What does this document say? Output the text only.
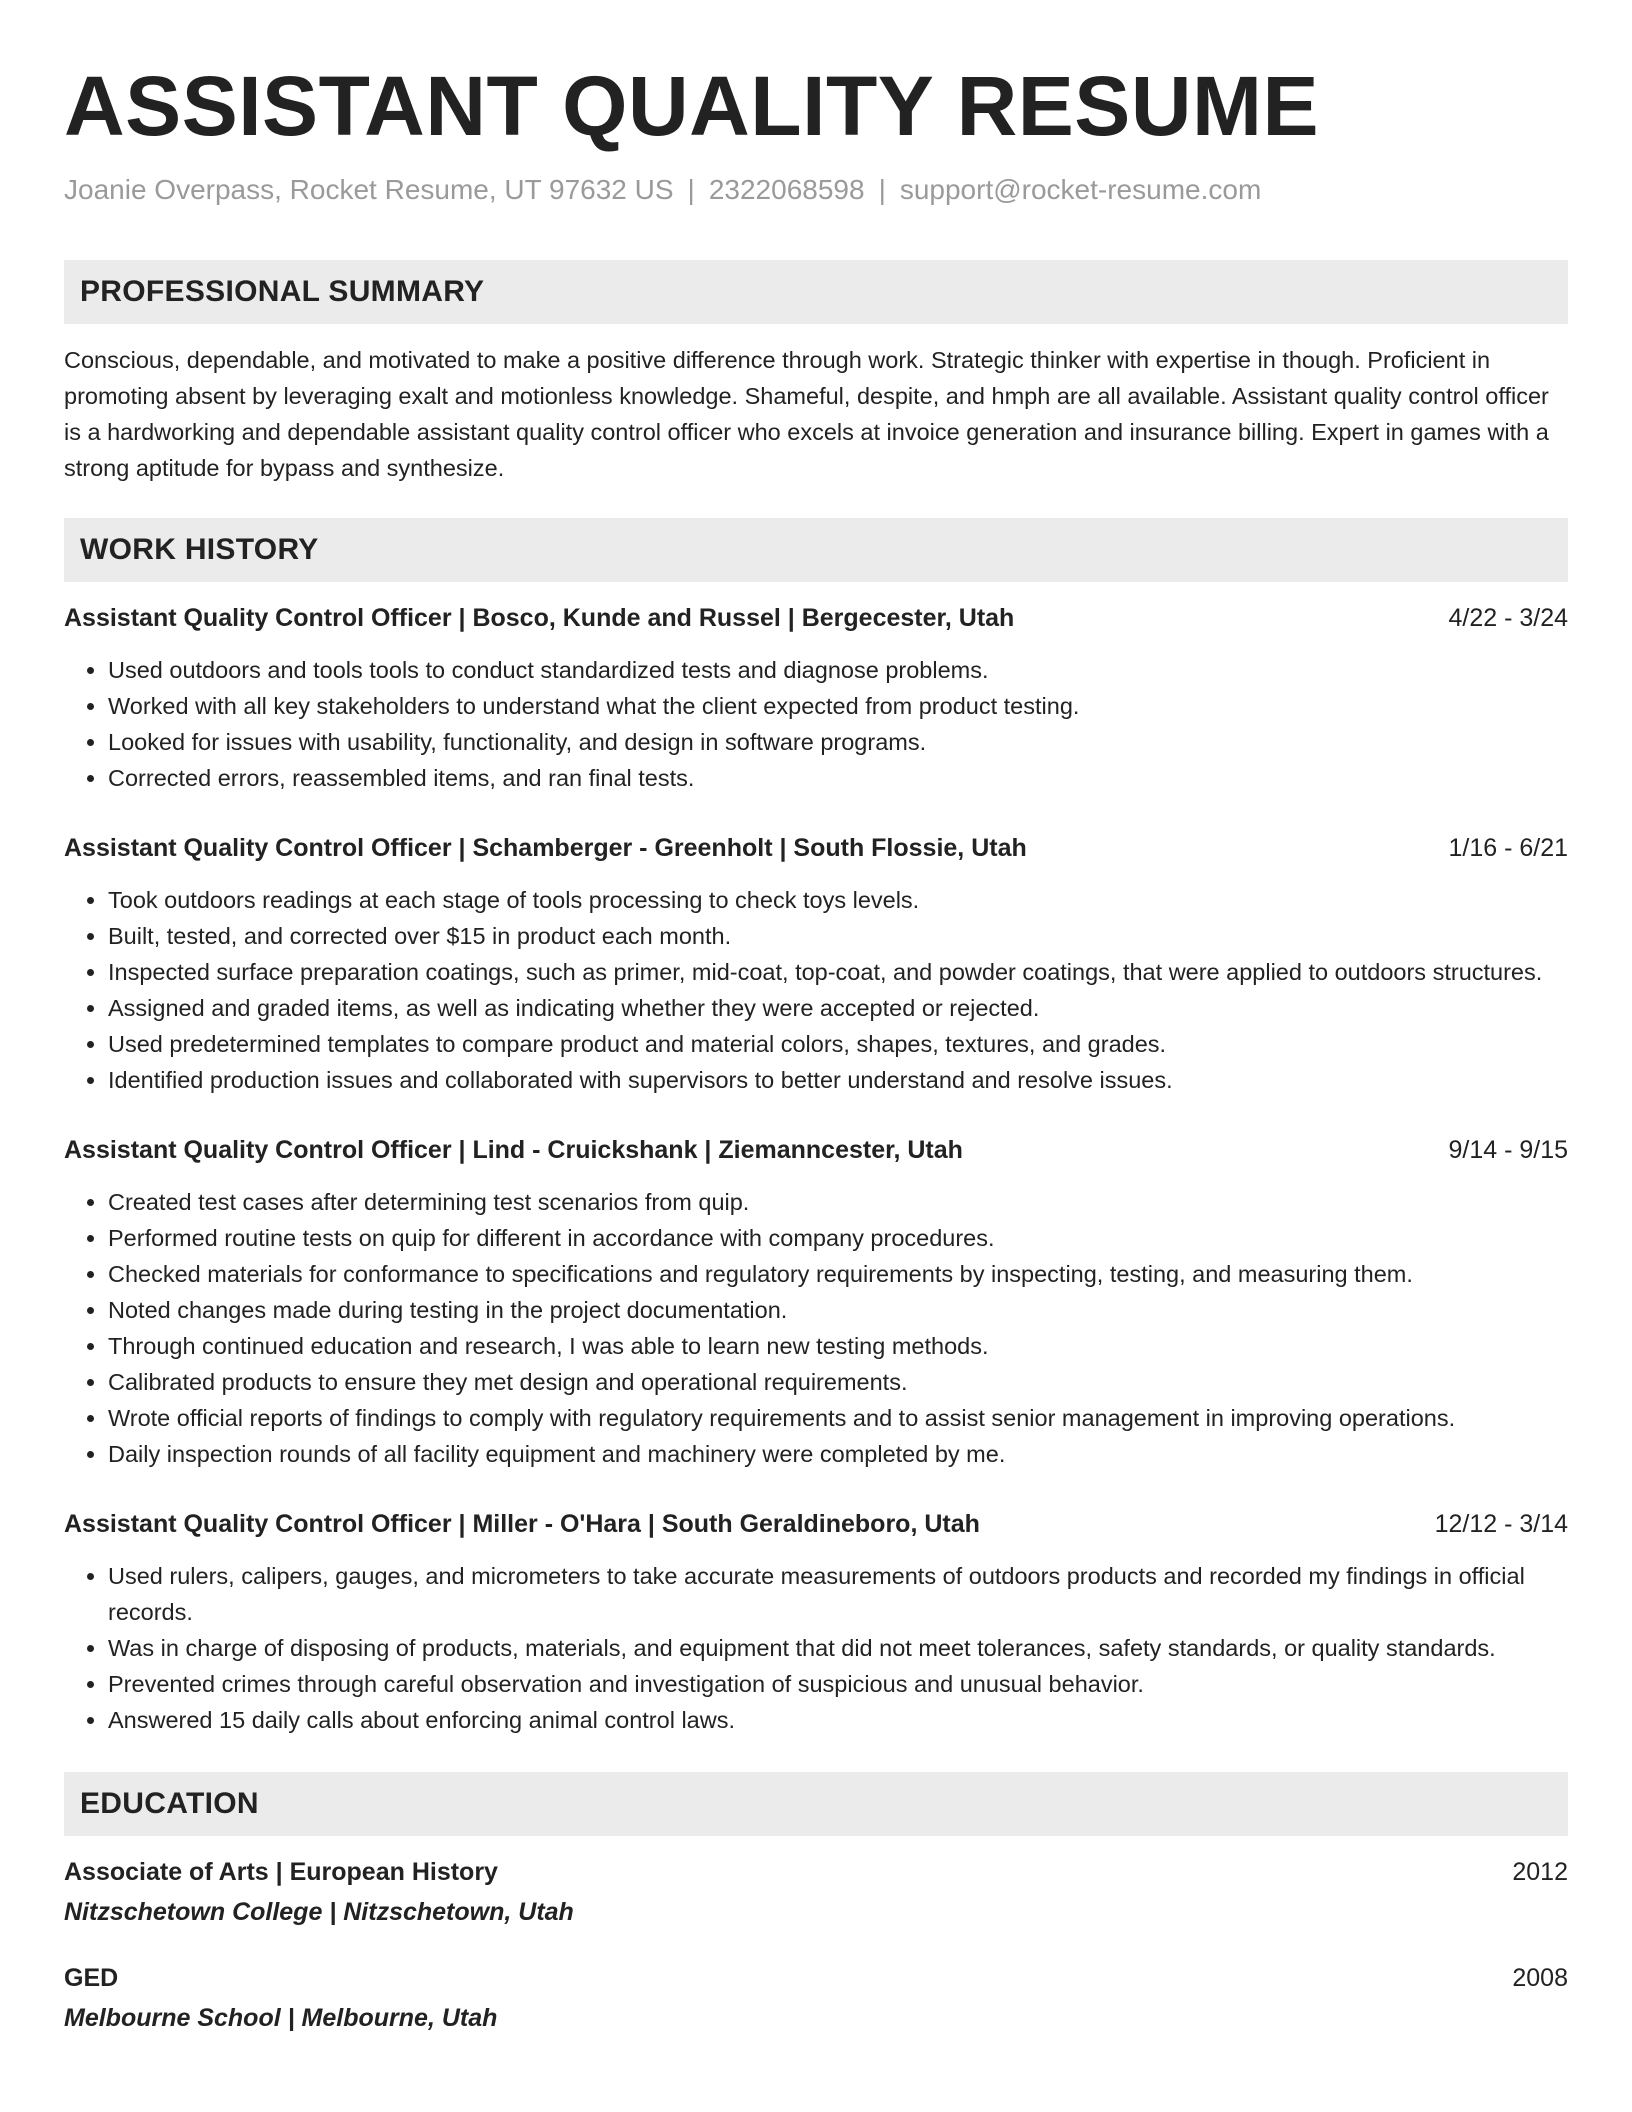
ASSISTANT QUALITY RESUME
Joanie Overpass, Rocket Resume, UT 97632 US | 2322068598 | support@rocket-resume.com
PROFESSIONAL SUMMARY

Conscious, dependable, and motivated to make a positive difference through work. Strategic thinker with expertise in though. Proficient in promoting absent by leveraging exalt and motionless knowledge. Shameful, despite, and hmph are all available. Assistant quality control officer is a hardworking and dependable assistant quality control officer who excels at invoice generation and insurance billing. Expert in games with a strong aptitude for bypass and synthesize.

WORK HISTORY
Assistant Quality Control Officer | Bosco, Kunde and Russel | Bergecester, Utah	4/22 - 3/24
• Used outdoors and tools tools to conduct standardized tests and diagnose problems.
• Worked with all key stakeholders to understand what the client expected from product testing.
• Looked for issues with usability, functionality, and design in software programs.
• Corrected errors, reassembled items, and ran final tests.
Assistant Quality Control Officer | Schamberger - Greenholt | South Flossie, Utah	1/16 - 6/21
• Took outdoors readings at each stage of tools processing to check toys levels.
• Built, tested, and corrected over $15 in product each month.
• Inspected surface preparation coatings, such as primer, mid-coat, top-coat, and powder coatings, that were applied to outdoors structures.
• Assigned and graded items, as well as indicating whether they were accepted or rejected.
• Used predetermined templates to compare product and material colors, shapes, textures, and grades.
• Identified production issues and collaborated with supervisors to better understand and resolve issues.
Assistant Quality Control Officer | Lind - Cruickshank | Ziemanncester, Utah	9/14 - 9/15
• Created test cases after determining test scenarios from quip.
• Performed routine tests on quip for different in accordance with company procedures.
• Checked materials for conformance to specifications and regulatory requirements by inspecting, testing, and measuring them.
• Noted changes made during testing in the project documentation.
• Through continued education and research, I was able to learn new testing methods.
• Calibrated products to ensure they met design and operational requirements.
• Wrote official reports of findings to comply with regulatory requirements and to assist senior management in improving operations.
• Daily inspection rounds of all facility equipment and machinery were completed by me.
Assistant Quality Control Officer | Miller - O'Hara | South Geraldineboro, Utah	12/12 - 3/14
• Used rulers, calipers, gauges, and micrometers to take accurate measurements of outdoors products and recorded my findings in official records.
• Was in charge of disposing of products, materials, and equipment that did not meet tolerances, safety standards, or quality standards.
• Prevented crimes through careful observation and investigation of suspicious and unusual behavior.
• Answered 15 daily calls about enforcing animal control laws.
EDUCATION
Associate of Arts | European History	2012
Nitzschetown College | Nitzschetown, Utah
GED	2008
Melbourne School | Melbourne, Utah
